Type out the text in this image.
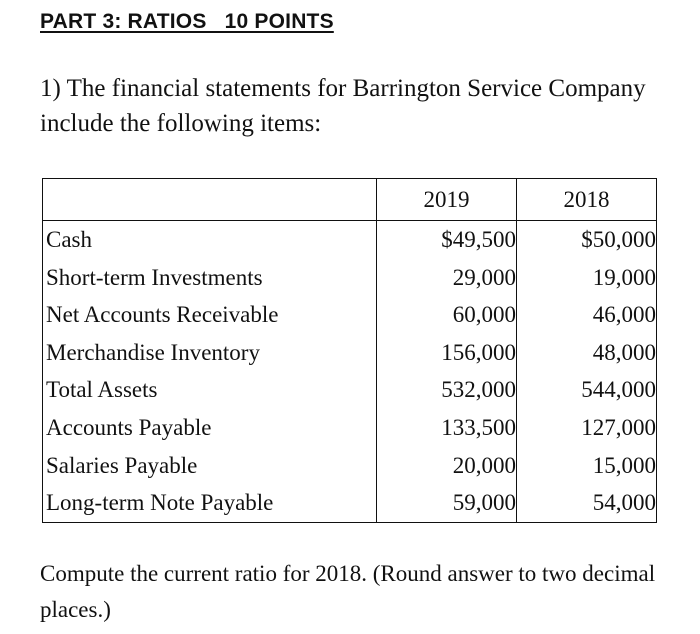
PART 3: RATIOS   10 POINTS
1) The financial statements for Barrington Service Company include the following items:
	2019	2018
Cash	$49,500	$50,000
Short-term Investments	29,000	19,000
Net Accounts Receivable	60,000	46,000
Merchandise Inventory	156,000	48,000
Total Assets	532,000	544,000
Accounts Payable	133,500	127,000
Salaries Payable	20,000	15,000
Long-term Note Payable	59,000	54,000
Compute the current ratio for 2018. (Round answer to two decimal places.)
